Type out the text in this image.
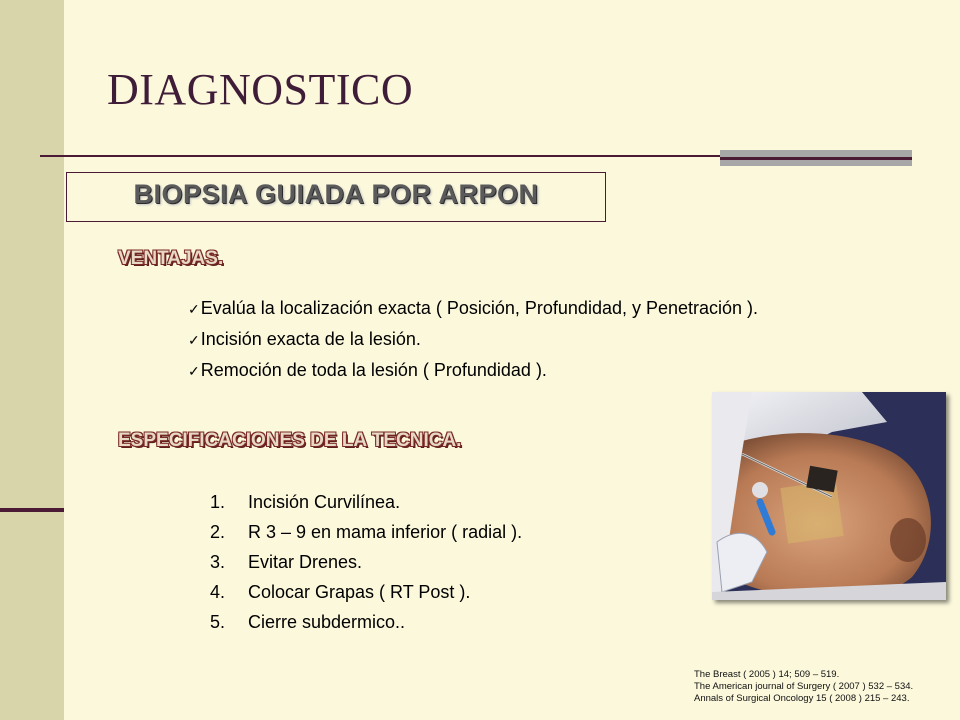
DIAGNOSTICO
BIOPSIA GUIADA POR ARPON
VENTAJAS.
✓Evalúa la localización exacta ( Posición, Profundidad, y Penetración ).
✓Incisión exacta de la lesión.
✓Remoción de toda la lesión ( Profundidad ).
ESPECIFICACIONES DE LA TECNICA.
1.	Incisión Curvilínea.
2.	R 3 – 9 en mama inferior ( radial ).
3.	Evitar Drenes.
4.	Colocar Grapas ( RT Post ).
5.	Cierre subdermico..
The Breast ( 2005 ) 14; 509 – 519.
The American journal of Surgery ( 2007 ) 532 – 534.
Annals of Surgical Oncology 15 ( 2008 ) 215 – 243.
